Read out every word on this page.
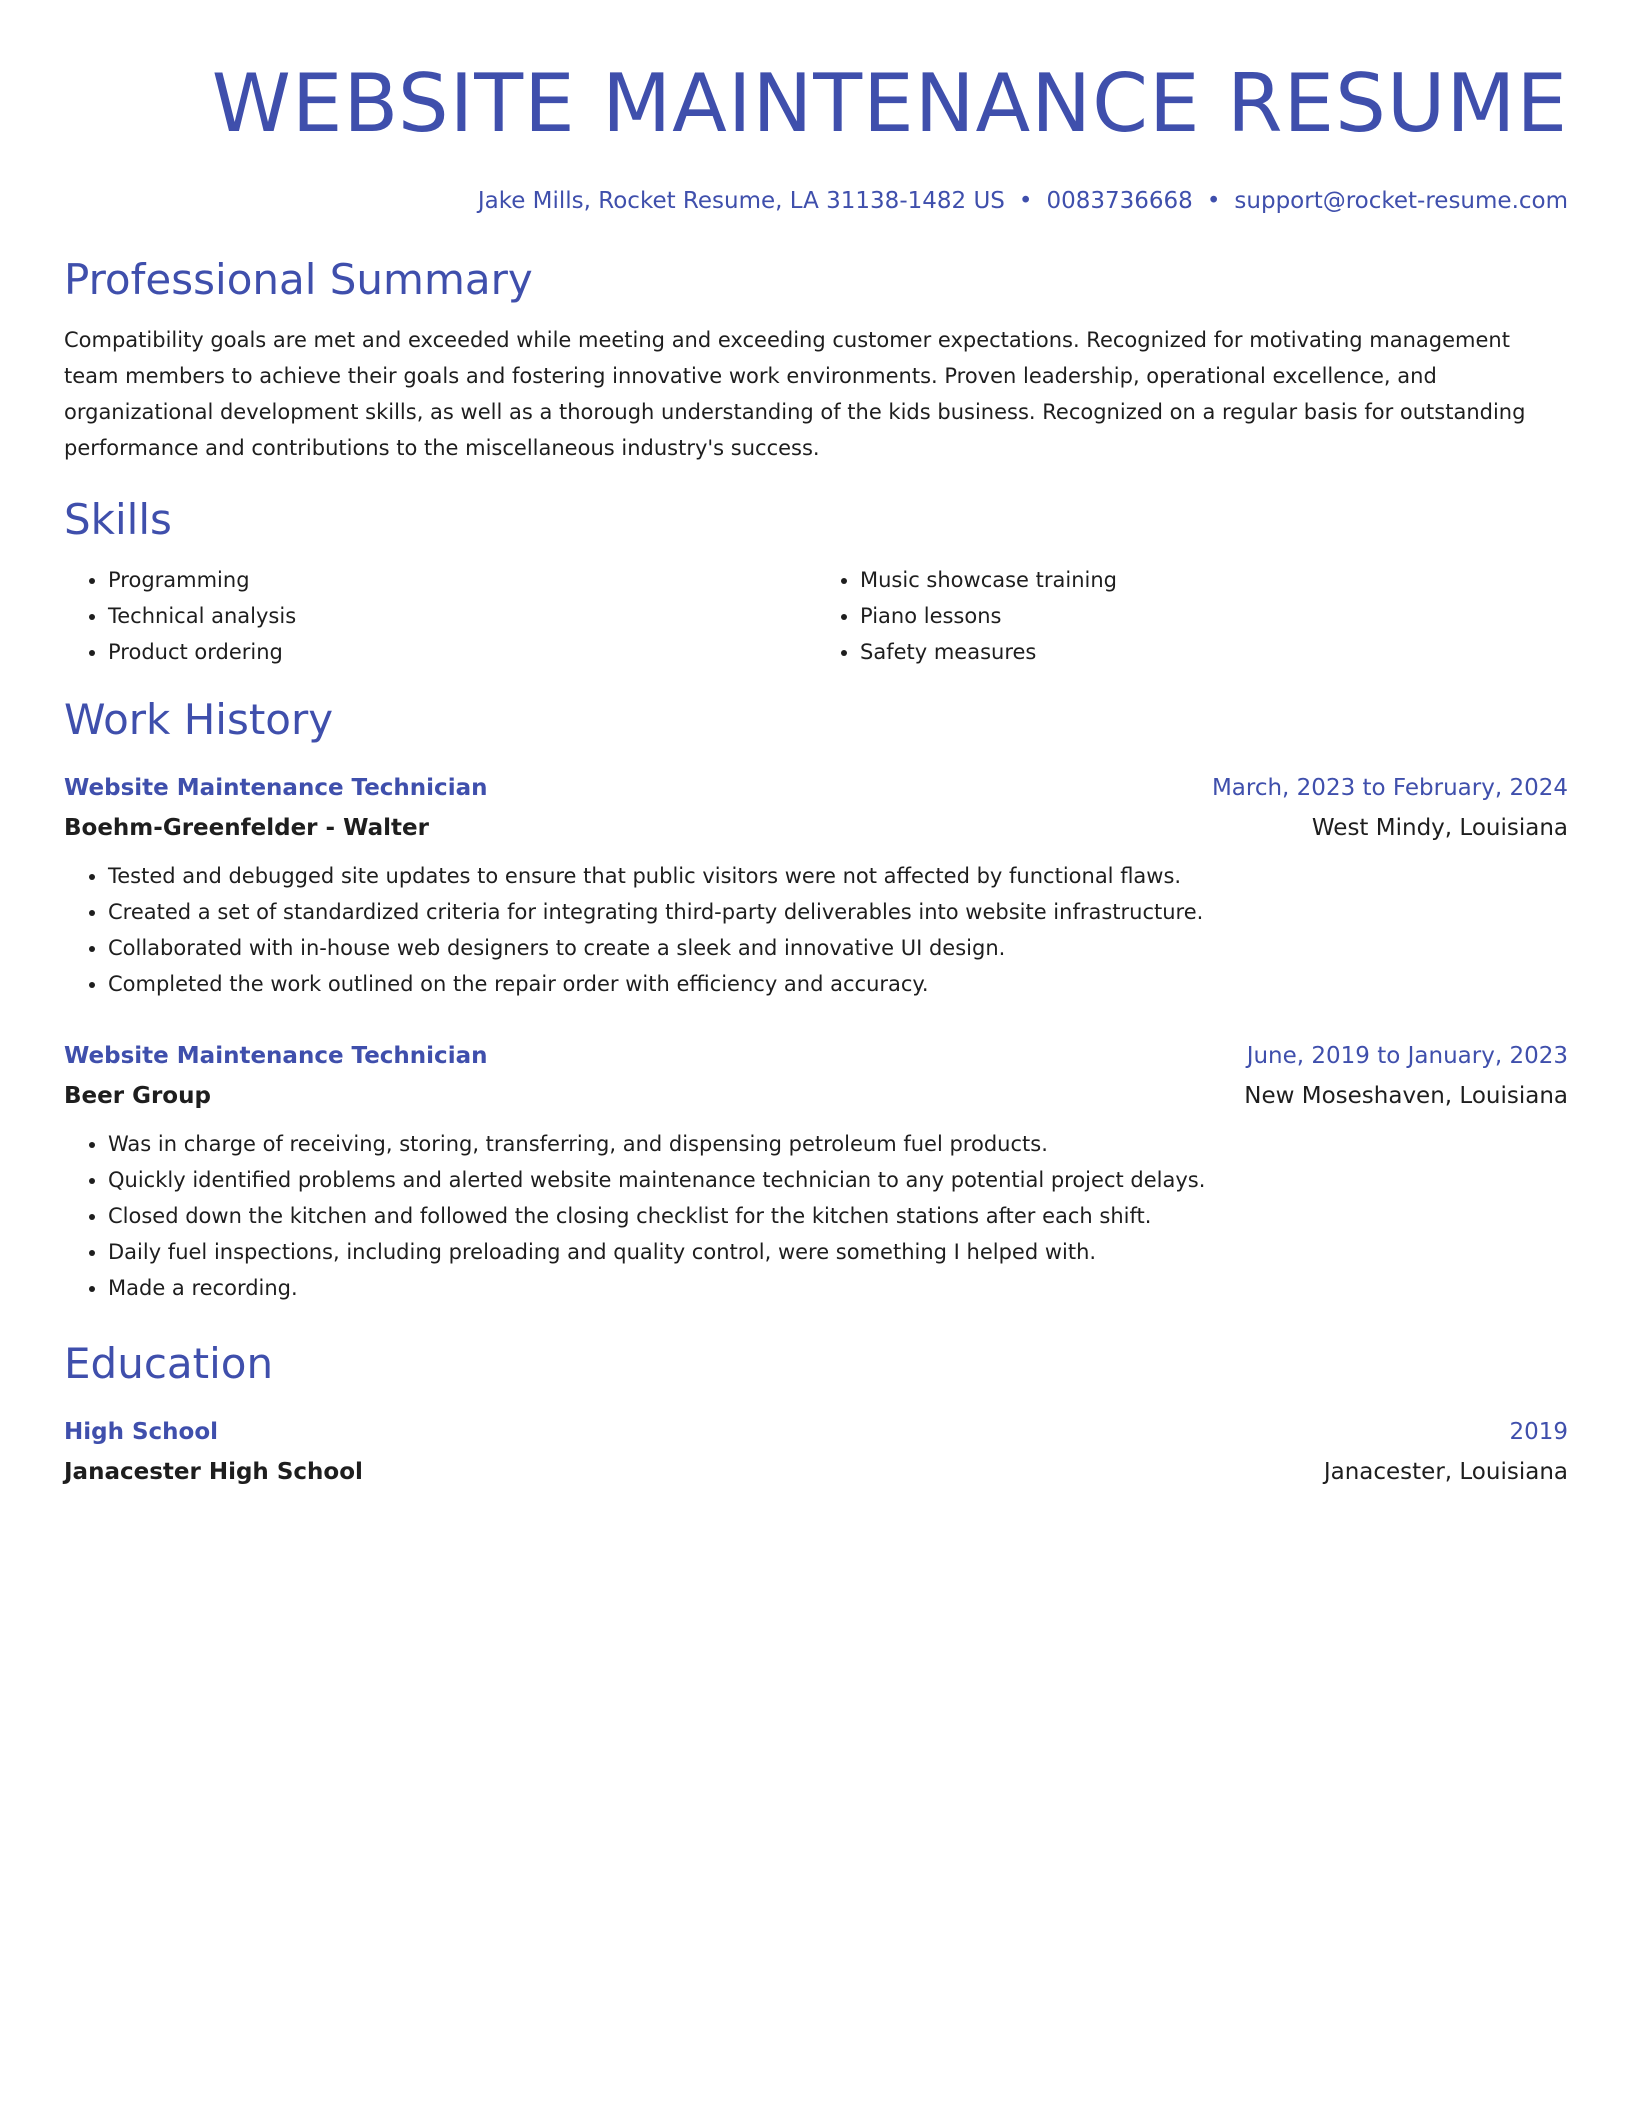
WEBSITE MAINTENANCE RESUME
Jake Mills, Rocket Resume, LA 31138-1482 US • 0083736668 • support@rocket-resume.com
Professional Summary

Compatibility goals are met and exceeded while meeting and exceeding customer expectations. Recognized for motivating management team members to achieve their goals and fostering innovative work environments. Proven leadership, operational excellence, and organizational development skills, as well as a thorough understanding of the kids business. Recognized on a regular basis for outstanding performance and contributions to the miscellaneous industry's success.

Skills
• Programming
• Technical analysis
• Product ordering
• Music showcase training
• Piano lessons
• Safety measures
Work History
Website Maintenance Technician	March, 2023 to February, 2024
Boehm-Greenfelder - Walter	West Mindy, Louisiana
• Tested and debugged site updates to ensure that public visitors were not affected by functional flaws.
• Created a set of standardized criteria for integrating third-party deliverables into website infrastructure.
• Collaborated with in-house web designers to create a sleek and innovative UI design.
• Completed the work outlined on the repair order with efficiency and accuracy.
Website Maintenance Technician	June, 2019 to January, 2023
Beer Group	New Moseshaven, Louisiana
• Was in charge of receiving, storing, transferring, and dispensing petroleum fuel products.
• Quickly identified problems and alerted website maintenance technician to any potential project delays.
• Closed down the kitchen and followed the closing checklist for the kitchen stations after each shift.
• Daily fuel inspections, including preloading and quality control, were something I helped with.
• Made a recording.
Education
High School	2019
Janacester High School	Janacester, Louisiana
